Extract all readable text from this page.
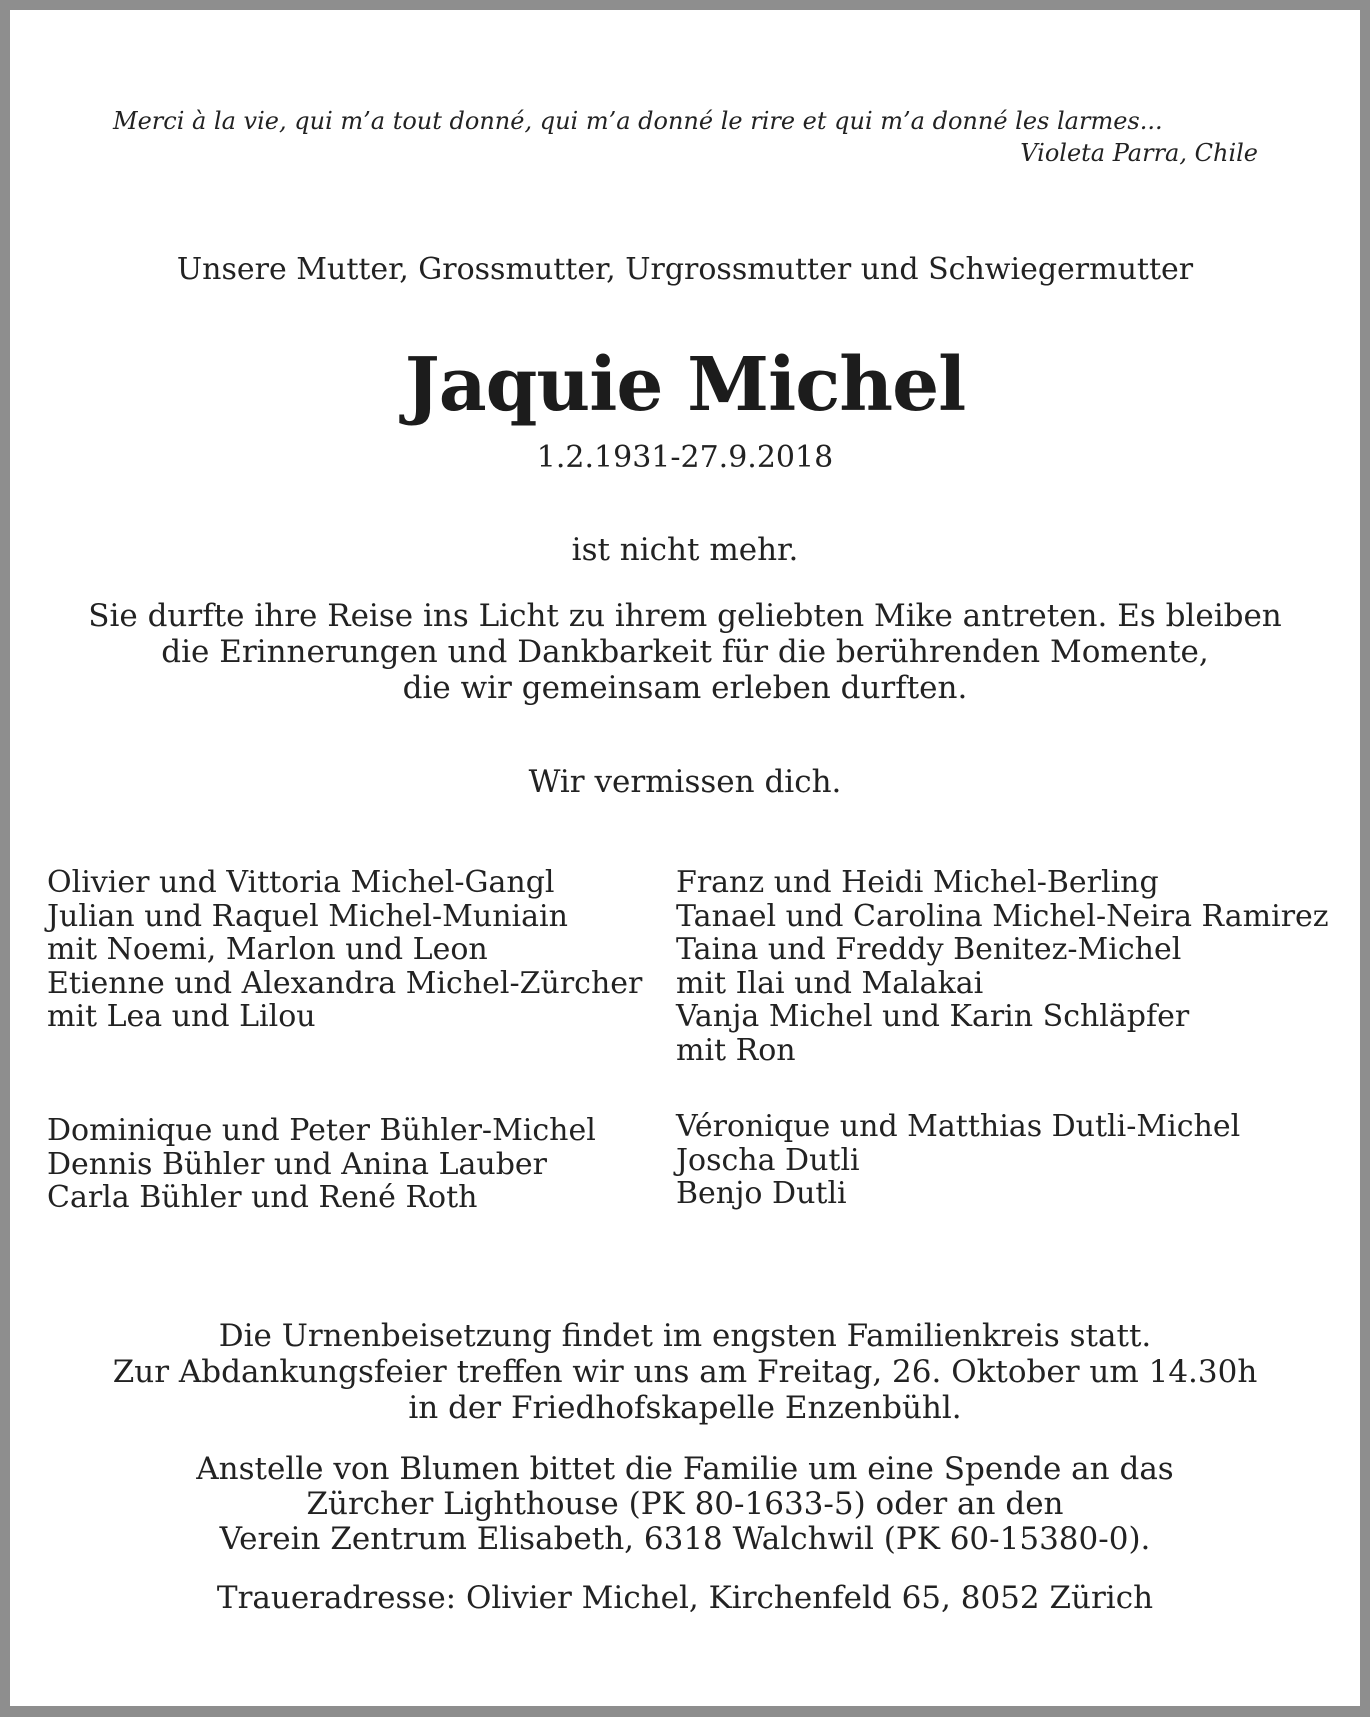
Merci à la vie, qui m’a tout donné, qui m’a donné le rire et qui m’a donné les larmes...
Violeta Parra, Chile

Unsere Mutter, Grossmutter, Urgrossmutter und Schwiegermutter

Jaquie Michel

1.2.1931-27.9.2018

ist nicht mehr.

Sie durfte ihre Reise ins Licht zu ihrem geliebten Mike antreten. Es bleiben
die Erinnerungen und Dankbarkeit für die berührenden Momente,
die wir gemeinsam erleben durften.

Wir vermissen dich.

Olivier und Vittoria Michel-Gangl
Julian und Raquel Michel-Muniain
mit Noemi, Marlon und Leon
Etienne und Alexandra Michel-Zürcher
mit Lea und Lilou
Franz und Heidi Michel-Berling
Tanael und Carolina Michel-Neira Ramirez
Taina und Freddy Benitez-Michel
mit Ilai und Malakai
Vanja Michel und Karin Schläpfer
mit Ron
Dominique und Peter Bühler-Michel
Dennis Bühler und Anina Lauber
Carla Bühler und René Roth
Véronique und Matthias Dutli-Michel
Joscha Dutli
Benjo Dutli
Die Urnenbeisetzung findet im engsten Familienkreis statt.
Zur Abdankungsfeier treffen wir uns am Freitag, 26. Oktober um 14.30h
in der Friedhofskapelle Enzenbühl.
Anstelle von Blumen bittet die Familie um eine Spende an das
Zürcher Lighthouse (PK 80-1633-5) oder an den
Verein Zentrum Elisabeth, 6318 Walchwil (PK 60-15380-0).

Traueradresse: Olivier Michel, Kirchenfeld 65, 8052 Zürich
